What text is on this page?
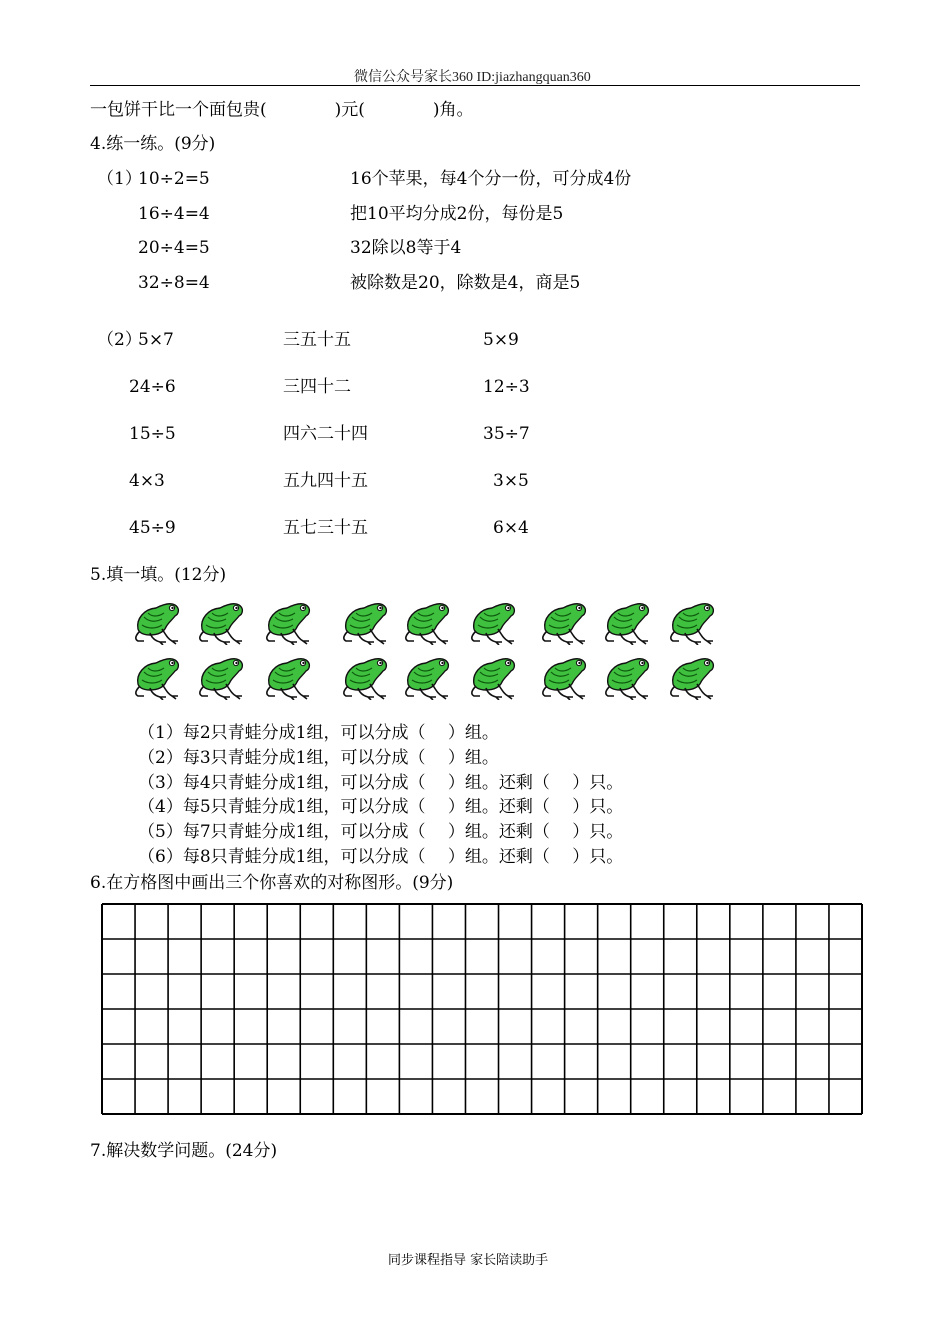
微信公众号家长360 ID:jiazhangquan360
一包饼干比一个面包贵(　　　　)元(　　　　)角。
4.练一练。(9分)
（1）
10÷2=5
16÷4=4
20÷4=5
32÷8=4
16个苹果，每4个分一份，可分成4份
把10平均分成2份，每份是5
32除以8等于4
被除数是20，除数是4，商是5
（2）
5×7
24÷6
15÷5
4×3
45÷9
三五十五
三四十二
四六二十四
五九四十五
五七三十五
5×9
12÷3
35÷7
3×5
6×4
5.填一填。(12分)
（1）每2只青蛙分成1组，可以分成（　 ）组。
（2）每3只青蛙分成1组，可以分成（　 ）组。
（3）每4只青蛙分成1组，可以分成（　 ）组。还剩（　 ）只。
（4）每5只青蛙分成1组，可以分成（　 ）组。还剩（　 ）只。
（5）每7只青蛙分成1组，可以分成（　 ）组。还剩（　 ）只。
（6）每8只青蛙分成1组，可以分成（　 ）组。还剩（　 ）只。
6.在方格图中画出三个你喜欢的对称图形。(9分)
7.解决数学问题。(24分)
同步课程指导 家长陪读助手
